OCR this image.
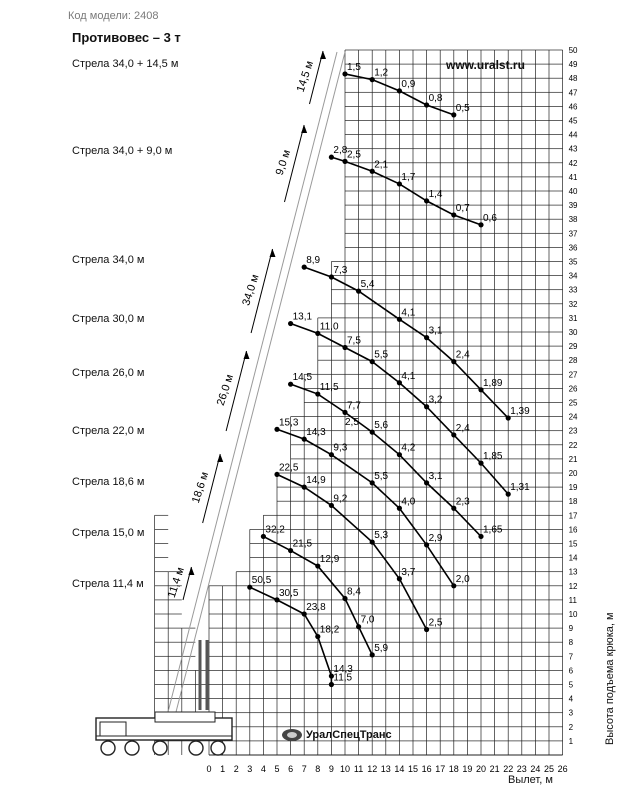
Код модели: 2408
Противовес – 3 т
Стрела 34,0 + 14,5 м
Стрела 34,0 + 9,0 м
Стрела 34,0 м
Стрела 30,0 м
Стрела 26,0 м
Стрела 22,0 м
Стрела 18,6 м
Стрела 15,0 м
Стрела 11,4 м 11,4 м
18,6 м
26,0 м
34,0 м
9,0 м
14,5 м	1,5
1,2
0,9
0,8
0,5
2,8 2,5
2,1
1,7
1,4
0,7
0,6
8,9
7,3
5,4
4,1
3,1
2,4
1,89
1,39
13,1
11,0
7,5
5,5
4,1
3,2
2,4
1,85
1,31
14,5
11,5
7,7
5,6
4,2
3,1
2,3
1,65
15,3
14,3
9,3
5,5
4,0
2,9
2,0
22,5
14,9
9,2
5,3
3,7
2,5
32,2
21,5
12,9
8,4
7,0
5,9
50,5
30,5
23,8
18,2
14,3
11,5
2,5
0 1 2 3 4 5 6 7 8 9 10 11 12 13 14 15 16 17 18 19 20 21 22 23 24 25 26
1
2
3
4
5
6
7
8
9
10
11
12
13
14
15
16
17
18
19
20
21
22
23
24
25
26
27
28
29
30
31
32
33
34
35
36
37
38
39
40
41
42
43
44
45
46
47
48
49
50
www.uralst.ru
УралСпецТранс	Высота подъема крюка, м
Вылет, м
